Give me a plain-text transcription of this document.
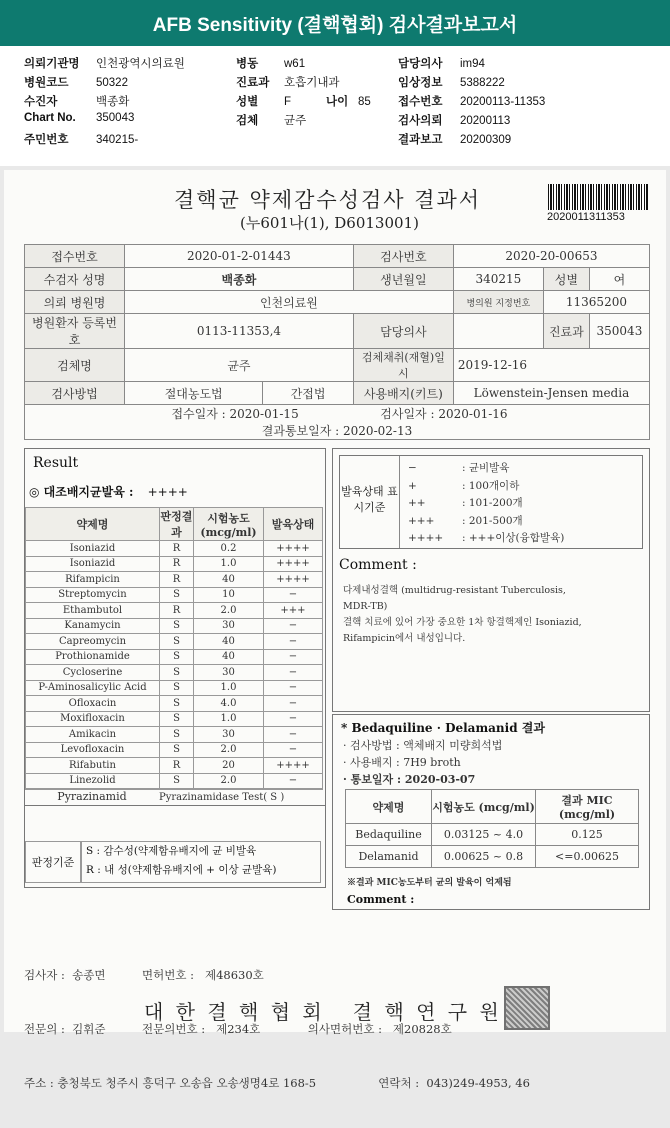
AFB Sensitivity (결핵협회) 검사결과보고서
의뢰기관명 인천광역시의료원
병원코드 50322
수진자	백종화
Chart No. 350043
주민번호 340215-
병동 w61
진료과 호흡기내과
성별 F	나이 85
검체 균주
담당의사 im94
임상정보 5388222
접수번호 20200113-11353
검사의뢰 20200113
결과보고 20200309
결핵균 약제감수성검사 결과서
(누601나(1), D6013001)	2020011311353
접수번호	2020-01-2-01443		검사번호	2020-20-00653		
수검자 성명	백종화		생년월일	340215	성별	여
의뢰 병원명	인천의료원			병의원 지정번호	11365200	
병원환자 등록번호	0113-11353,4		담당의사		진료과	350043
검체명	균주		검체채취(재혈)일시	2019-12-16		
검사방법	절대농도법	간접법	사용배지(키트)	Löwenstein-Jensen media		
접수일자 : 2020-01-15 검사일자 : 2020-01-16 결과통보일자 : 2020-02-13						
Result
◎ 대조배지균발육 : ++++
약제명	판정결과	시험농도(mcg/ml)	발육상태
Isoniazid	R	0.2	++++
Isoniazid	R	1.0	++++
Rifampicin	R	40	++++
Streptomycin	S	10	−
Ethambutol	R	2.0	+++
Kanamycin	S	30	−
Capreomycin	S	40	−
Prothionamide	S	40	−
Cycloserine	S	30	−
P-Aminosalicylic Acid	S	1.0	−
Ofloxacin	S	4.0	−
Moxifloxacin	S	1.0	−
Amikacin	S	30	−
Levofloxacin	S	2.0	−
Rifabutin	R	20	++++
Linezolid	S	2.0	−
Pyrazinamid	Pyrazinamidase Test( S )
판정기준
S : 감수성(약제함유배지에 균 비발육
R : 내 성(약제함유배지에 + 이상 균발육)
발육상태 표시기준
−	: 균비발육
+	: 100개이하
++	: 101-200개
+++	: 201-500개
++++ : +++이상(융합발육)
Comment :
다제내성결핵 (multidrug-resistant Tuberculosis,
MDR-TB)
결핵 치료에 있어 가장 중요한 1차 항결핵제인 Isoniazid,
Rifampicin에서 내성입니다.
* Bedaquiline · Delamanid 결과
· 검사방법 : 액체배지 미량희석법
· 사용배지 : 7H9 broth
· 통보일자 : 2020-03-07
약제명	시험농도 (mcg/ml)	결과 MIC (mcg/ml)
Bedaquiline	0.03125 ~ 4.0	0.125
Delamanid	0.00625 ~ 0.8	<=0.00625
※결과 MIC농도부터 균의 발육이 억제됨
Comment :

검사자 :  송종면          면허번호 :   제48630호

전문의 :  김휘준          전문의번호 :   제234호             의사면허번호 :   제20828호

주소 : 충청북도 청주시 흥덕구 오송읍 오송생명4로 168-5                 연락처 :  043)249-4953, 46

대 한 결 핵 협 회   결 핵 연 구 원
